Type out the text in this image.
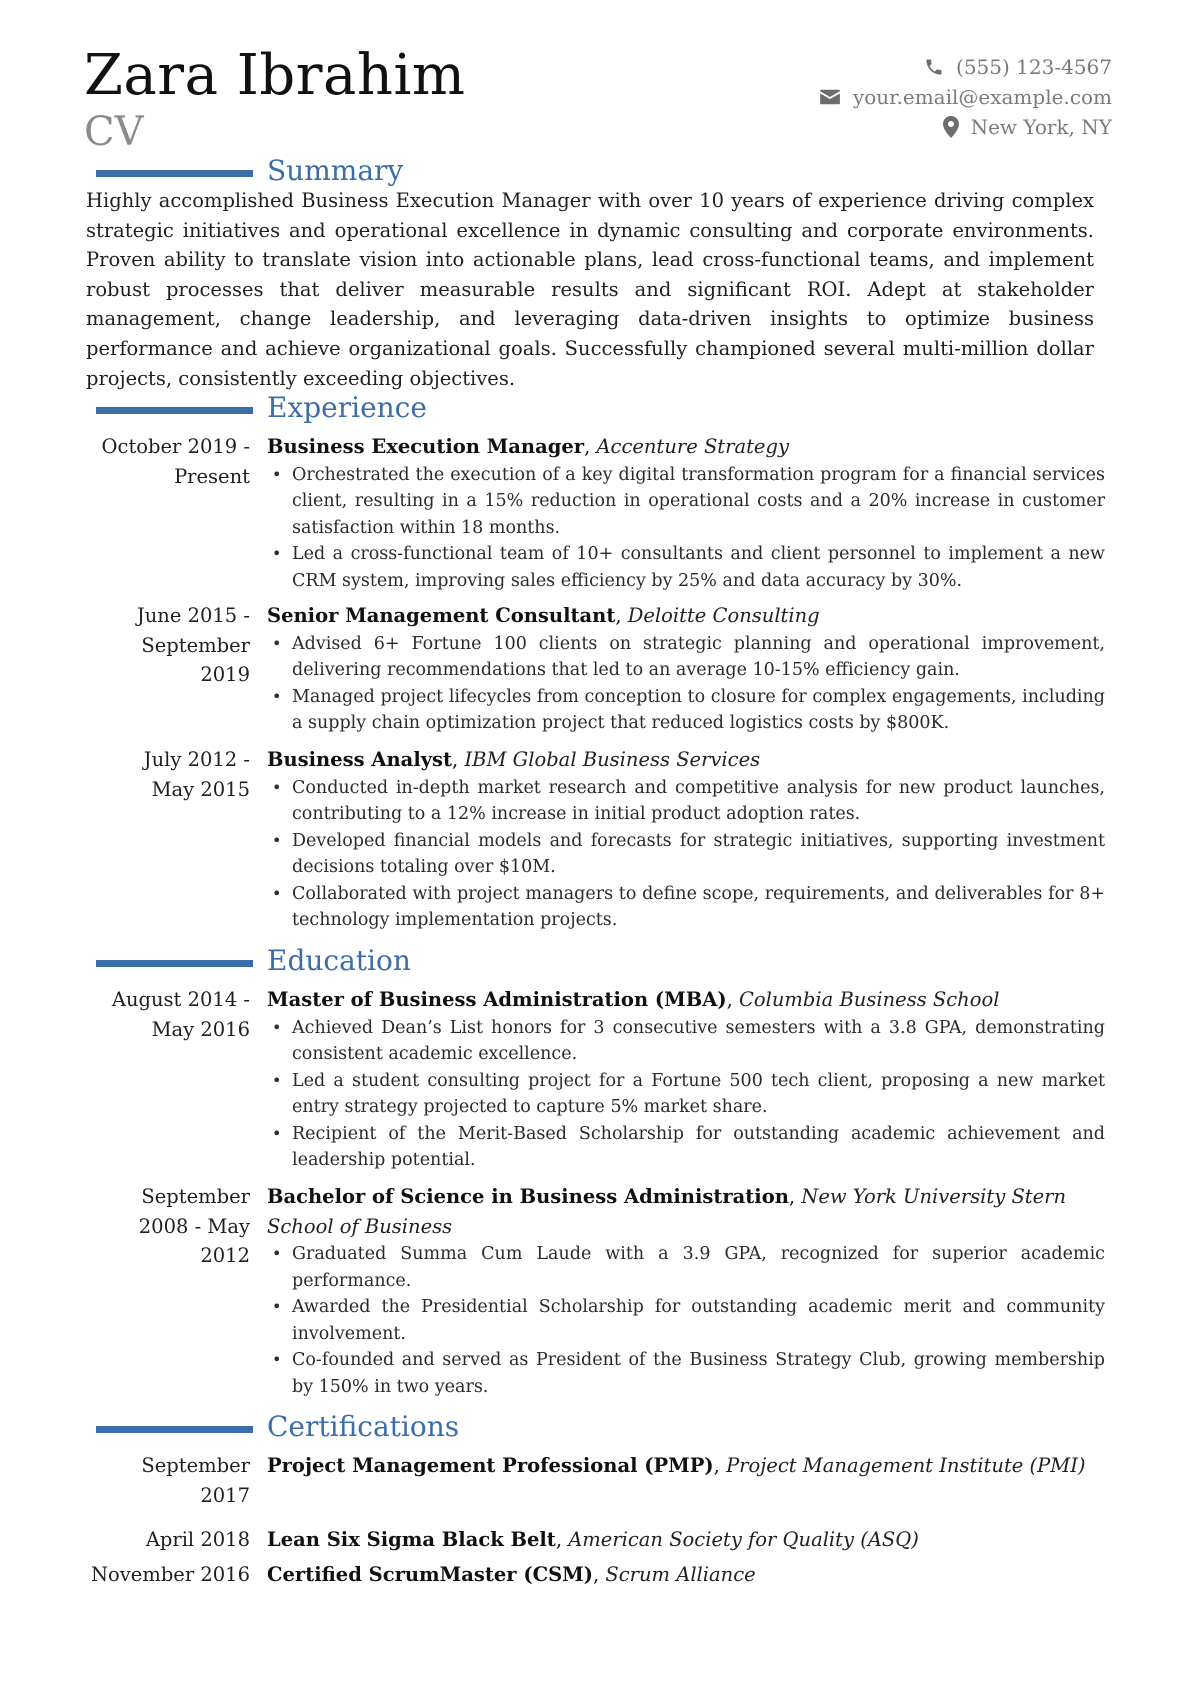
Zara Ibrahim
CV
(555) 123-4567
your.email@example.com
New York, NY
Summary
Highly accomplished Business Execution Manager with over 10 years of experience driving complex strategic initiatives and operational excellence in dynamic consulting and corporate environments. Proven ability to translate vision into actionable plans, lead cross-functional teams, and implement robust processes that deliver measurable results and significant ROI. Adept at stakeholder management, change leadership, and leveraging data-driven insights to optimize business performance and achieve organizational goals. Successfully championed several multi-million dollar projects, consistently exceeding objectives.
Experience
October 2019 -
Present
Business Execution Manager, Accenture Strategy
• Orchestrated the execution of a key digital transformation program for a financial services client, resulting in a 15% reduction in operational costs and a 20% increase in customer satisfaction within 18 months.
• Led a cross-functional team of 10+ consultants and client personnel to implement a new CRM system, improving sales efficiency by 25% and data accuracy by 30%.
June 2015 -
September
2019
Senior Management Consultant, Deloitte Consulting
• Advised 6+ Fortune 100 clients on strategic planning and operational improvement, delivering recommendations that led to an average 10-15% efficiency gain.
• Managed project lifecycles from conception to closure for complex engagements, including a supply chain optimization project that reduced logistics costs by $800K.
July 2012 -
May 2015
Business Analyst, IBM Global Business Services
• Conducted in-depth market research and competitive analysis for new product launches, contributing to a 12% increase in initial product adoption rates.
• Developed financial models and forecasts for strategic initiatives, supporting investment decisions totaling over $10M.
• Collaborated with project managers to define scope, requirements, and deliverables for 8+ technology implementation projects.
Education
August 2014 -
May 2016
Master of Business Administration (MBA), Columbia Business School
• Achieved Dean’s List honors for 3 consecutive semesters with a 3.8 GPA, demonstrating consistent academic excellence.
• Led a student consulting project for a Fortune 500 tech client, proposing a new market entry strategy projected to capture 5% market share.
• Recipient of the Merit-Based Scholarship for outstanding academic achievement and leadership potential.
September
2008 - May
2012
Bachelor of Science in Business Administration, New York University Stern School of Business
• Graduated Summa Cum Laude with a 3.9 GPA, recognized for superior academic performance.
• Awarded the Presidential Scholarship for outstanding academic merit and community involvement.
• Co-founded and served as President of the Business Strategy Club, growing membership by 150% in two years.
Certifications
September
2017
Project Management Professional (PMP), Project Management Institute (PMI)
April 2018 Lean Six Sigma Black Belt, American Society for Quality (ASQ)
November 2016 Certified ScrumMaster (CSM), Scrum Alliance
